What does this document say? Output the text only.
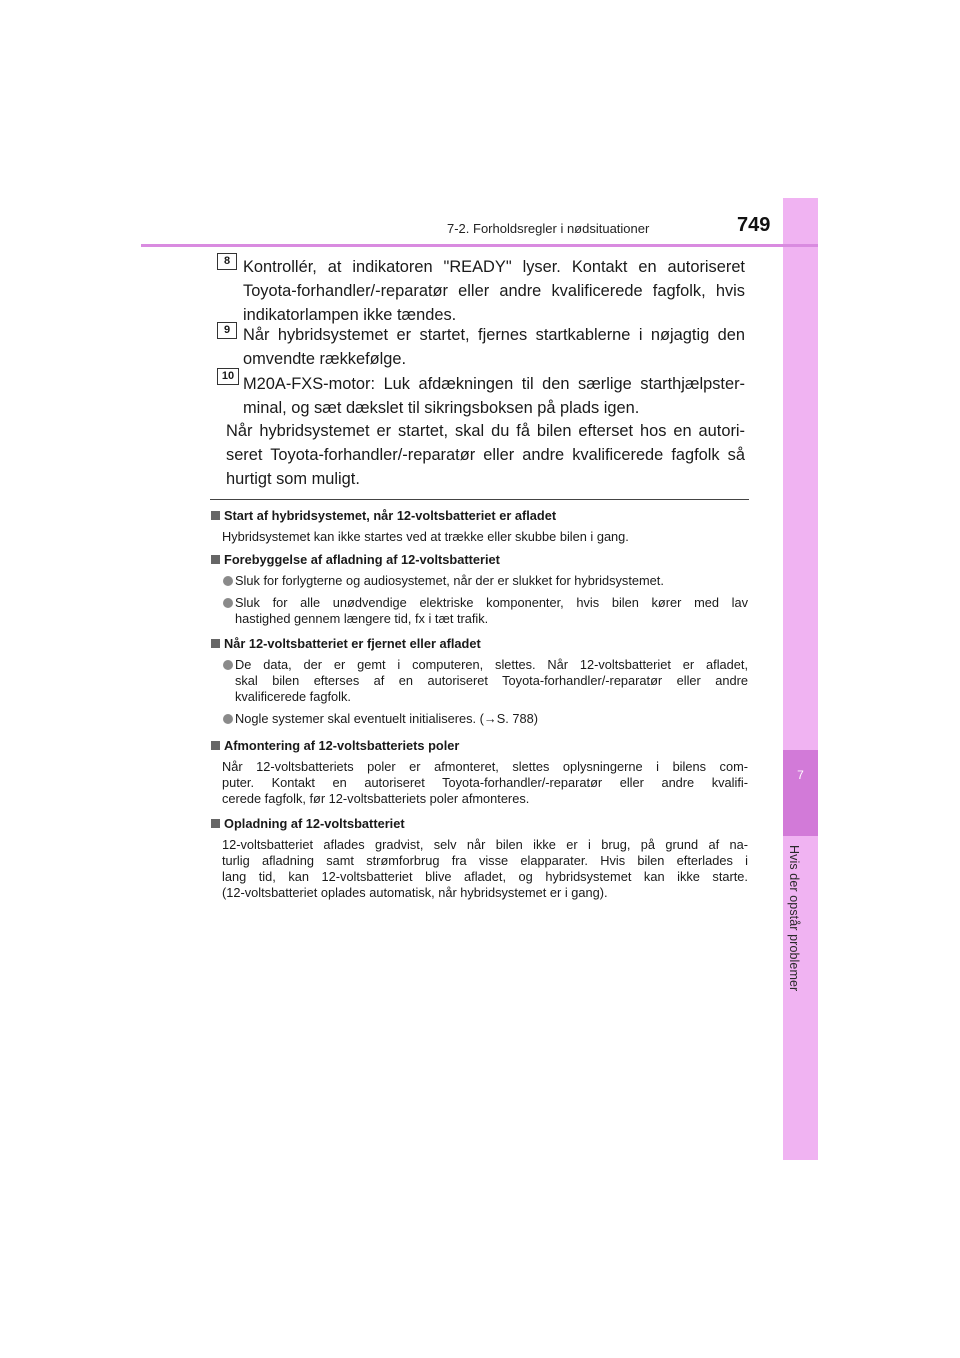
7
Hvis der opstår problemer
7-2. Forholdsregler i nødsituationer	749
8 Kontrollér, at indikatoren "READY" lyser. Kontakt en autoriseret
Toyota-forhandler/-reparatør eller andre kvalificerede fagfolk, hvis
indikatorlampen ikke tændes.
9 Når hybridsystemet er startet, fjernes startkablerne i nøjagtig den
omvendte rækkefølge.
10 M20A-FXS-motor: Luk afdækningen til den særlige starthjælpster-
minal, og sæt dækslet til sikringsboksen på plads igen.
Når hybridsystemet er startet, skal du få bilen efterset hos en autori-
seret Toyota-forhandler/-reparatør eller andre kvalificerede fagfolk så
hurtigt som muligt.
Start af hybridsystemet, når 12-voltsbatteriet er afladet
Hybridsystemet kan ikke startes ved at trække eller skubbe bilen i gang.
Forebyggelse af afladning af 12-voltsbatteriet
Sluk for forlygterne og audiosystemet, når der er slukket for hybridsystemet.
Sluk for alle unødvendige elektriske komponenter, hvis bilen kører med lav
hastighed gennem længere tid, fx i tæt trafik.
Når 12-voltsbatteriet er fjernet eller afladet
De data, der er gemt i computeren, slettes. Når 12-voltsbatteriet er afladet,
skal bilen efterses af en autoriseret Toyota-forhandler/-reparatør eller andre
kvalificerede fagfolk.
Nogle systemer skal eventuelt initialiseres. (→S. 788)
Afmontering af 12-voltsbatteriets poler
Når 12-voltsbatteriets poler er afmonteret, slettes oplysningerne i bilens com-
puter. Kontakt en autoriseret Toyota-forhandler/-reparatør eller andre kvalifi-
cerede fagfolk, før 12-voltsbatteriets poler afmonteres.
Opladning af 12-voltsbatteriet
12-voltsbatteriet aflades gradvist, selv når bilen ikke er i brug, på grund af na-
turlig afladning samt strømforbrug fra visse elapparater. Hvis bilen efterlades i
lang tid, kan 12-voltsbatteriet blive afladet, og hybridsystemet kan ikke starte.
(12-voltsbatteriet oplades automatisk, når hybridsystemet er i gang).
